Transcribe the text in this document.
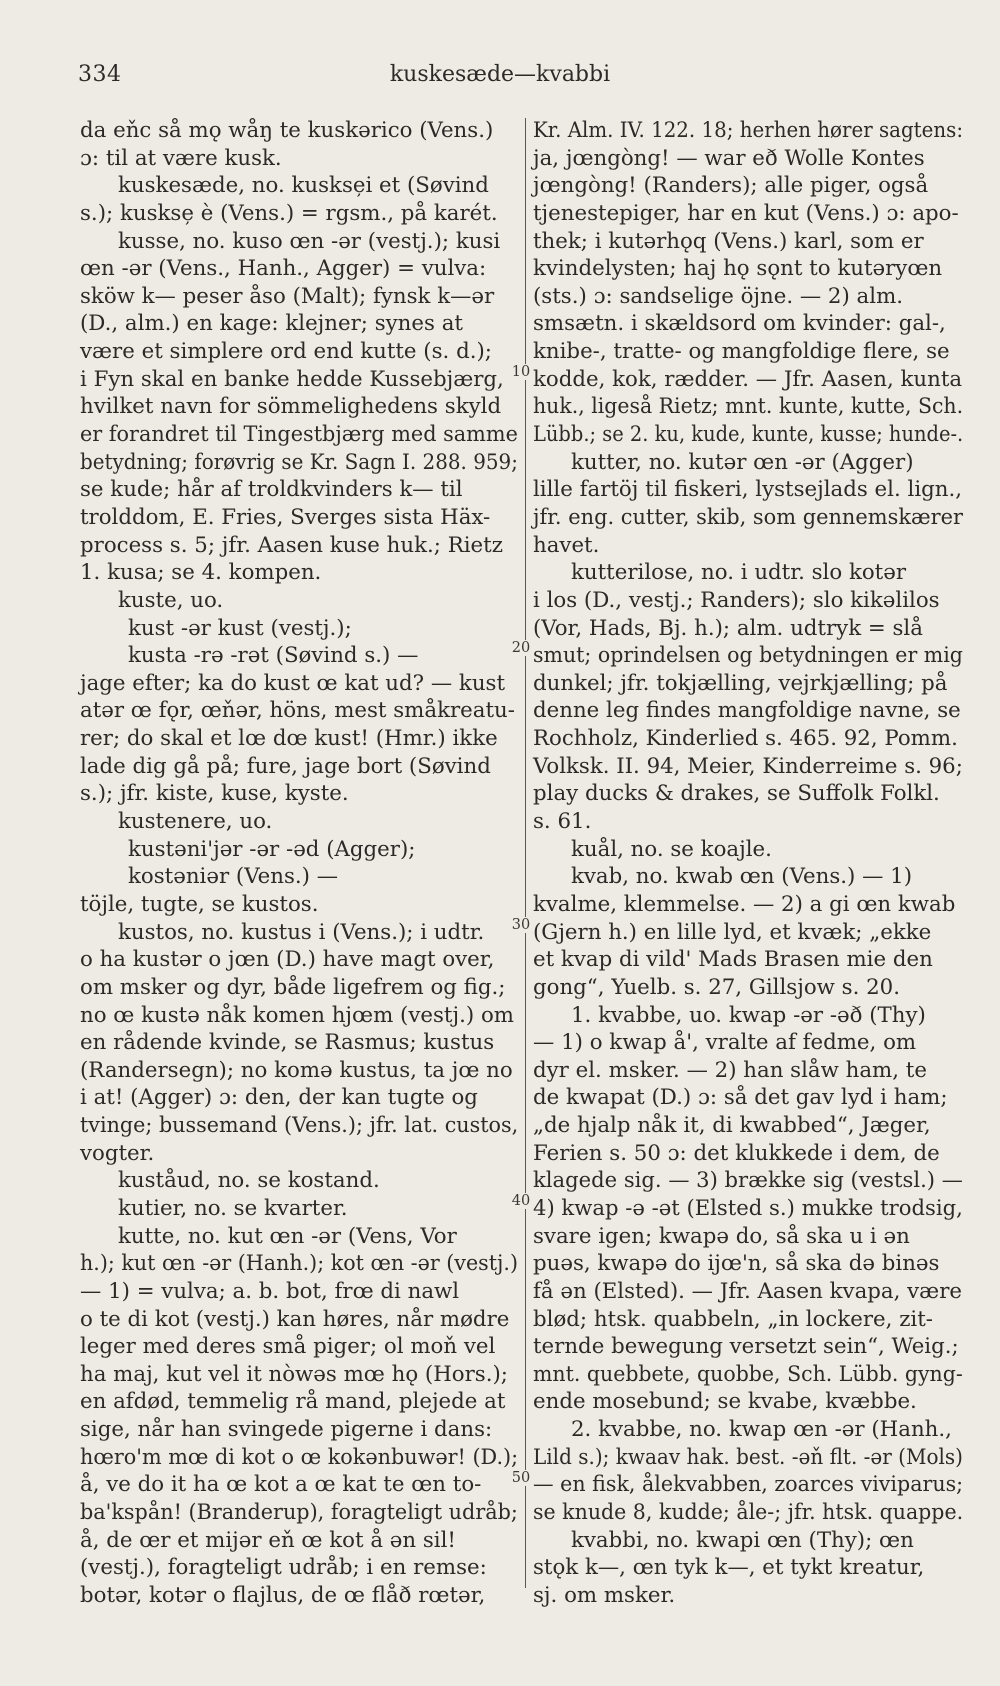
334	kuskesæde—kvabbi
da eňc så mǫ wåŋ te kuskərico (Vens.)
ɔ: til at være kusk.
kuskesæde, no. kuskse̦i et (Søvind
s.); kuskse̦ è (Vens.) = rgsm., på karét.
kusse, no. kuso œn -ər (vestj.); kusi
œn -ər (Vens., Hanh., Agger) = vulva:
sköw k— peser åso (Malt); fynsk k—ər
(D., alm.) en kage: klejner; synes at
være et simplere ord end kutte (s. d.);
i Fyn skal en banke hedde Kussebjærg,
hvilket navn for sömmelighedens skyld
er forandret til Tingestbjærg med samme
betydning; forøvrig se Kr. Sagn I. 288. 959;
se kude; hår af troldkvinders k— til
trolddom, E. Fries, Sverges sista Häx-
process s. 5; jfr. Aasen kuse huk.; Rietz
1. kusa; se 4. kompen.
kuste, uo.
kust -ər kust (vestj.);
kusta -rə -rət (Søvind s.) —
jage efter; ka do kust œ kat ud? — kust
atər œ fǫr, œňər, höns, mest småkreatu-
rer; do skal et lœ dœ kust! (Hmr.) ikke
lade dig gå på; fure, jage bort (Søvind
s.); jfr. kiste, kuse, kyste.
kustenere, uo.
kustəni'jər -ər -əd (Agger);
kostəniər (Vens.) —
töjle, tugte, se kustos.
kustos, no. kustus i (Vens.); i udtr.
o ha kustər o jœn (D.) have magt over,
om msker og dyr, både ligefrem og fig.;
no œ kustə nåk komen hjœm (vestj.) om
en rådende kvinde, se Rasmus; kustus
(Randersegn); no komə kustus, ta jœ no
i at! (Agger) ɔ: den, der kan tugte og
tvinge; bussemand (Vens.); jfr. lat. custos,
vogter.
kuståud, no. se kostand.
kutier, no. se kvarter.
kutte, no. kut œn -ər (Vens, Vor
h.); kut œn -ər (Hanh.); kot œn -ər (vestj.)
— 1) = vulva; a. b. bot, frœ di nawl
o te di kot (vestj.) kan høres, når mødre
leger med deres små piger; ol moň vel
ha maj, kut vel it nòwəs mœ hǫ (Hors.);
en afdød, temmelig rå mand, plejede at
sige, når han svingede pigerne i dans:
hœro'm mœ di kot o œ kokənbuwər! (D.);
å, ve do it ha œ kot a œ kat te œn to-
ba'kspån! (Branderup), foragteligt udråb;
å, de œr et mijər eň œ kot å ən sil!
(vestj.), foragteligt udråb; i en remse:
botər, kotər o flajlus, de œ flåð rœtər,
Kr. Alm. IV. 122. 18; herhen hører sagtens:
ja, jœngòng! — war eð Wolle Kontes
jœngòng! (Randers); alle piger, også
tjenestepiger, har en kut (Vens.) ɔ: apo-
thek; i kutərhǫq (Vens.) karl, som er
kvindelysten; haj hǫ sǫnt to kutəryœn
(sts.) ɔ: sandselige öjne. — 2) alm.
smsætn. i skældsord om kvinder: gal-,
knibe-, tratte- og mangfoldige flere, se
kodde, kok, rædder. — Jfr. Aasen, kunta
huk., ligeså Rietz; mnt. kunte, kutte, Sch.
Lübb.; se 2. ku, kude, kunte, kusse; hunde-.
kutter, no. kutər œn -ər (Agger)
lille fartöj til fiskeri, lystsejlads el. lign.,
jfr. eng. cutter, skib, som gennemskærer
havet.
kutterilose, no. i udtr. slo kotər
i los (D., vestj.; Randers); slo kikəlilos
(Vor, Hads, Bj. h.); alm. udtryk = slå
smut; oprindelsen og betydningen er mig
dunkel; jfr. tokjælling, vejrkjælling; på
denne leg findes mangfoldige navne, se
Rochholz, Kinderlied s. 465. 92, Pomm.
Volksk. II. 94, Meier, Kinderreime s. 96;
play ducks & drakes, se Suffolk Folkl.
s. 61.
kuål, no. se koajle.
kvab, no. kwab œn (Vens.) — 1)
kvalme, klemmelse. — 2) a gi œn kwab
(Gjern h.) en lille lyd, et kvæk; „ekke
et kvap di vild' Mads Brasen mie den
gong“, Yuelb. s. 27, Gillsjow s. 20.
1. kvabbe, uo. kwap -ər -əð (Thy)
— 1) o kwap å', vralte af fedme, om
dyr el. msker. — 2) han slåw ham, te
de kwapat (D.) ɔ: så det gav lyd i ham;
„de hjalp nåk it, di kwabbed“, Jæger,
Ferien s. 50 ɔ: det klukkede i dem, de
klagede sig. — 3) brække sig (vestsl.) —
4) kwap -ə -ət (Elsted s.) mukke trodsig,
svare igen; kwapə do, så ska u i ən
puəs, kwapə do ijœ'n, så ska də binəs
få ən (Elsted). — Jfr. Aasen kvapa, være
blød; htsk. quabbeln, „in lockere, zit-
ternde bewegung versetzt sein“, Weig.;
mnt. quebbete, quobbe, Sch. Lübb. gyng-
ende mosebund; se kvabe, kvæbbe.
2. kvabbe, no. kwap œn -ər (Hanh.,
Lild s.); kwaav hak. best. -əň flt. -ər (Mols)
— en fisk, ålekvabben, zoarces viviparus;
se knude 8, kudde; åle-; jfr. htsk. quappe.
kvabbi, no. kwapi œn (Thy); œn
stǫk k—, œn tyk k—, et tykt kreatur,
sj. om msker.
10
20
30
40
50
